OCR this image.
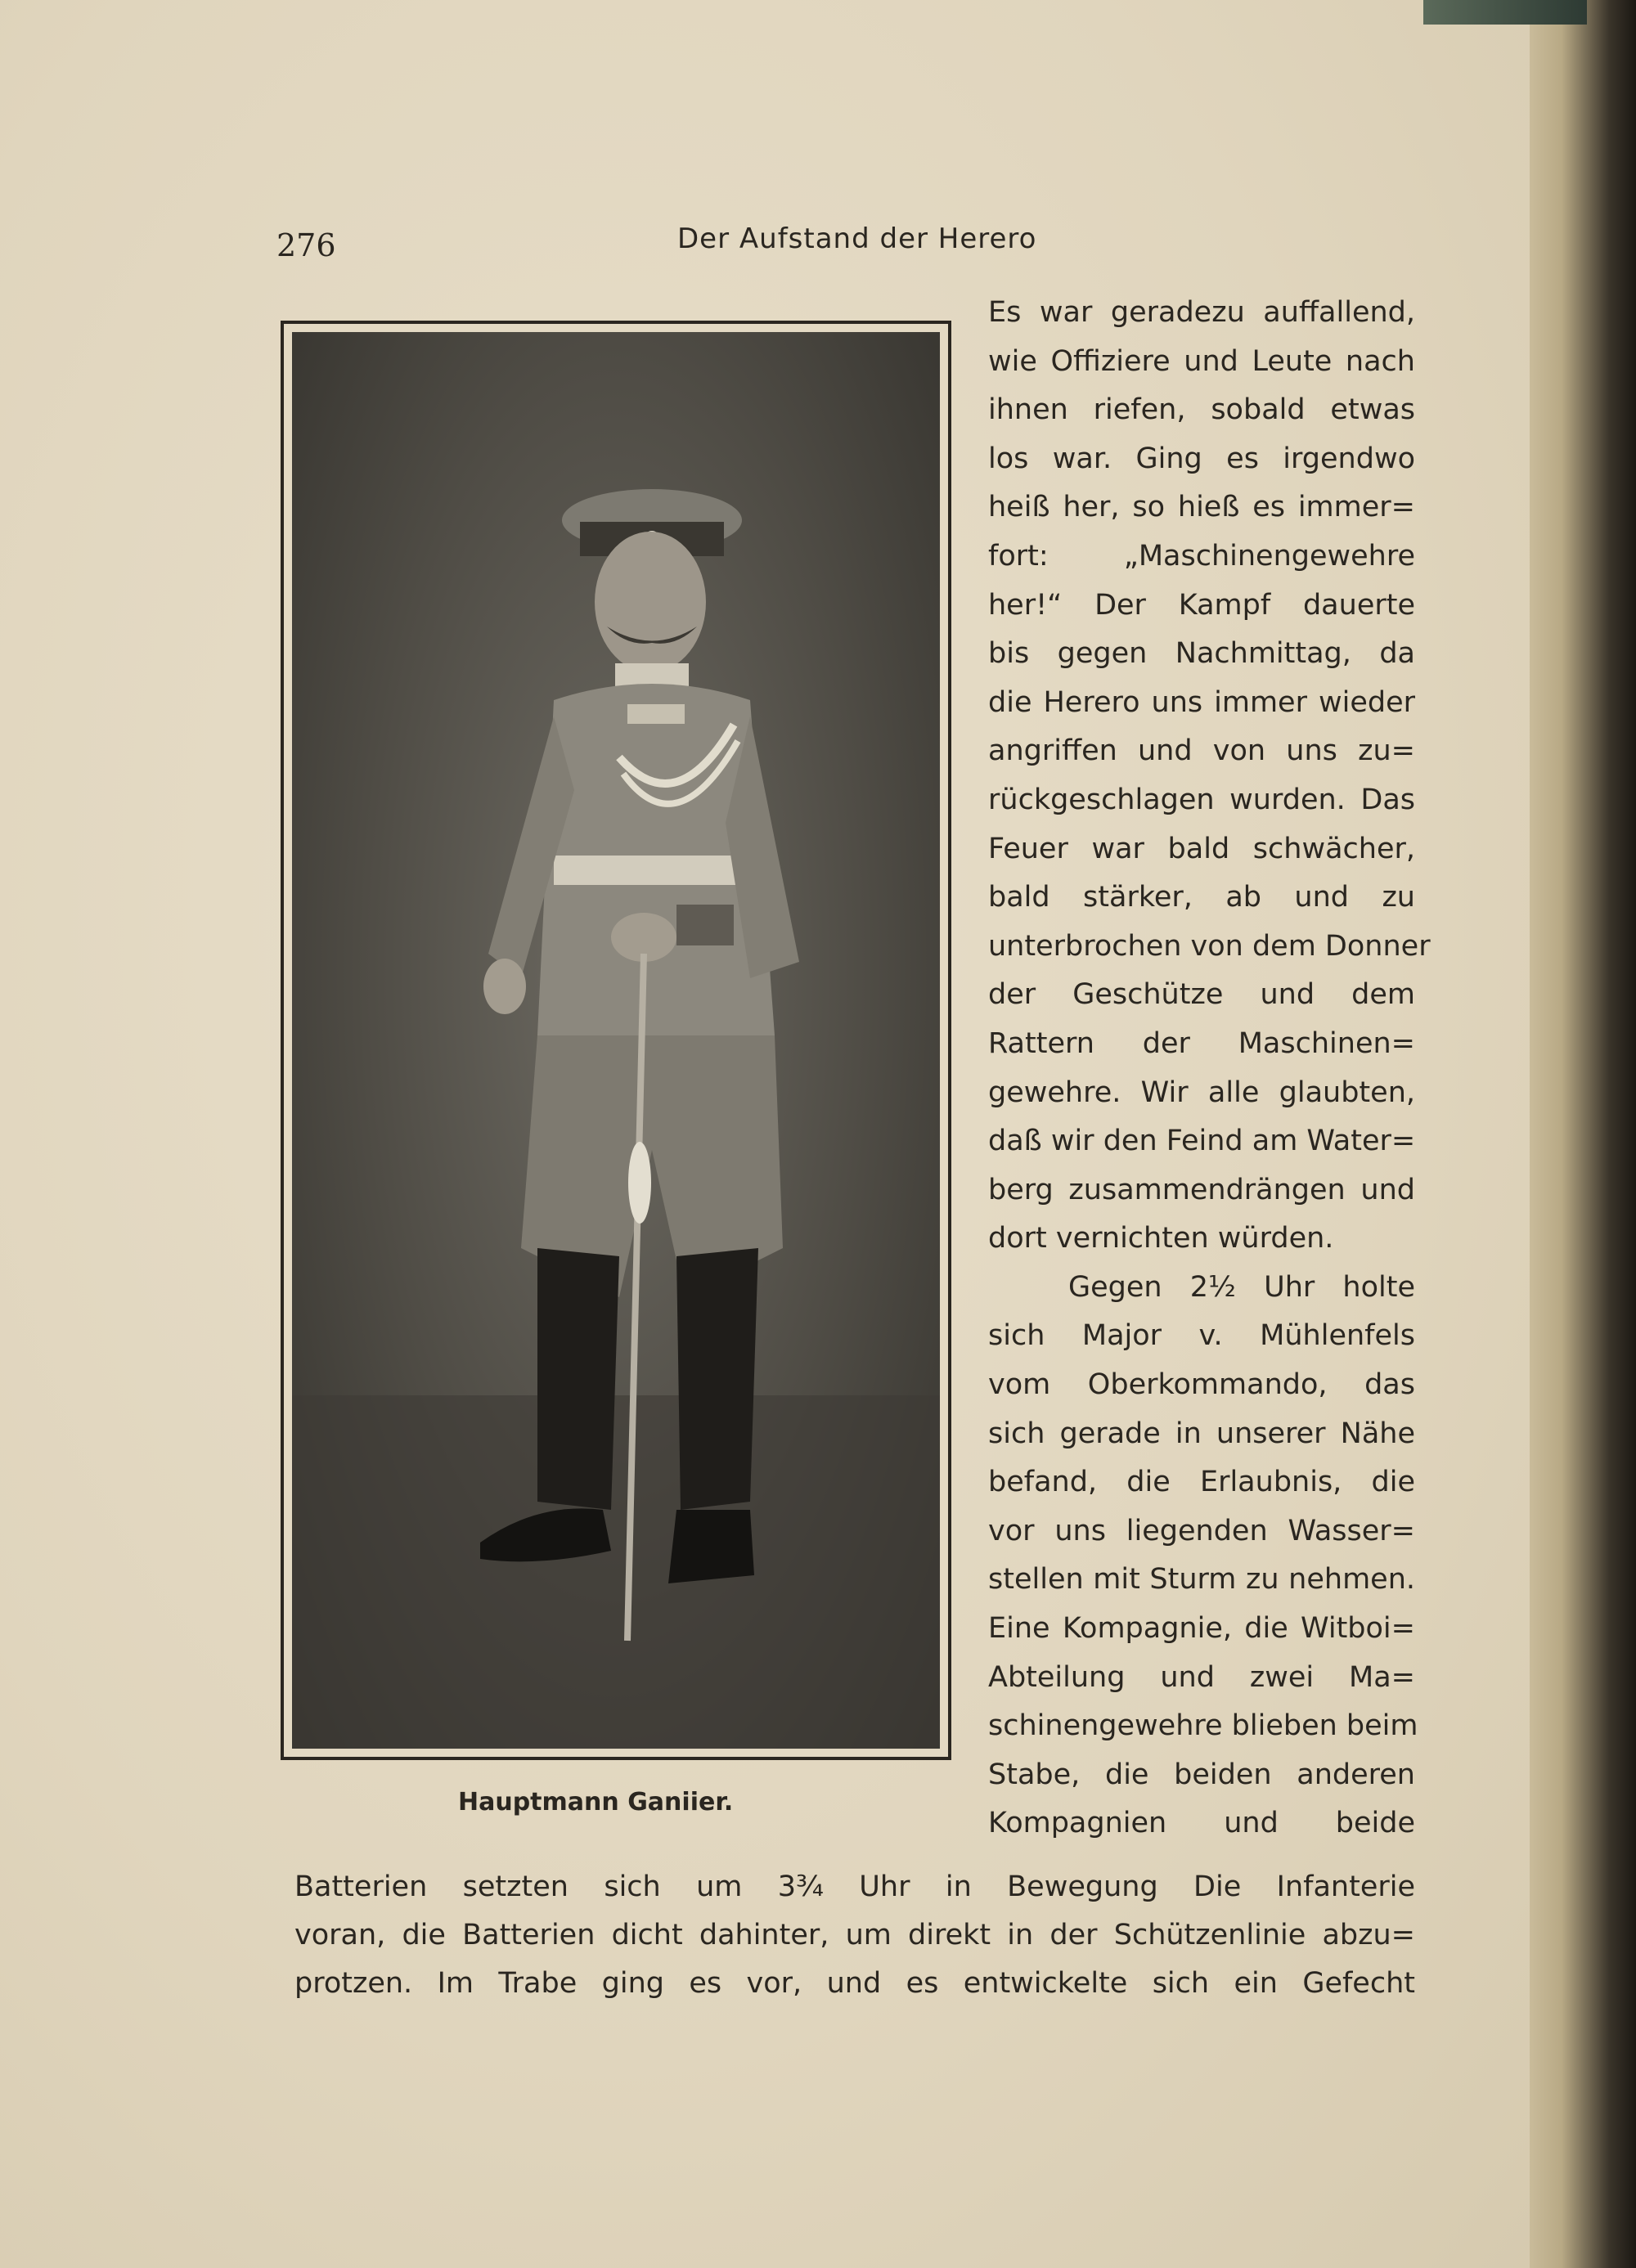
276	Der Aufstand der Herero
Hauptmann Ganiier.
Es war geradezu auffallend,
wie Offiziere und Leute nach
ihnen riefen, sobald etwas
los war. Ging es irgendwo
heiß her, so hieß es immer=
fort: „Maschinengewehre
her!“ Der Kampf dauerte
bis gegen Nachmittag, da
die Herero uns immer wieder
angriffen und von uns zu=
rückgeschlagen wurden. Das
Feuer war bald schwächer,
bald stärker, ab und zu
unterbrochen von dem Donner
der Geschütze und dem
Rattern der Maschinen=
gewehre. Wir alle glaubten,
daß wir den Feind am Water=
berg zusammendrängen und
dort vernichten würden.
Gegen 2¹⁄₂ Uhr holte
sich Major v. Mühlenfels
vom Oberkommando, das
sich gerade in unserer Nähe
befand, die Erlaubnis, die
vor uns liegenden Wasser=
stellen mit Sturm zu nehmen.
Eine Kompagnie, die Witboi=
Abteilung und zwei Ma=
schinengewehre blieben beim
Stabe, die beiden anderen
Kompagnien und beide
Batterien setzten sich um 3³⁄₄ Uhr in Bewegung Die Infanterie
voran, die Batterien dicht dahinter, um direkt in der Schützenlinie abzu=
protzen. Im Trabe ging es vor, und es entwickelte sich ein Gefecht
